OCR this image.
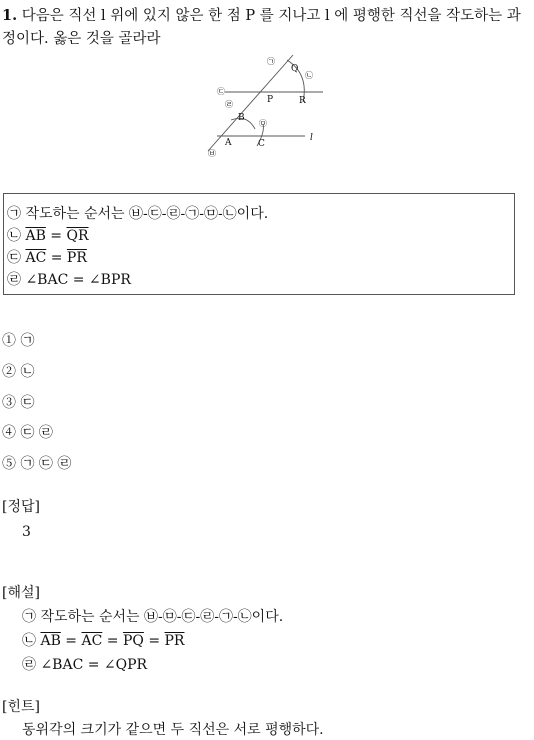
1. 다음은 직선 l 위에 있지 않은 한 점 P 를 지나고 l 에 평행한 직선을 작도하는 과정이다. 옳은 것을 골라라
P
Q
R
A
B
C
l
㉠
㉡
㉢
㉣
㉤
㉥
㉠ 작도하는 순서는 ㉥-㉢-㉣-㉠-㉤-㉡이다.
㉡ $\overline{AB} = \overline{QR}$
㉢ $\overline{AC} = \overline{PR}$
㉣ ∠BAC = ∠BPR
① ㉠
② ㉡
③ ㉢
④ ㉢ ㉣
⑤ ㉠ ㉢ ㉣
[정답]
3
[해설]
㉠ 작도하는 순서는 ㉥-㉤-㉢-㉣-㉠-㉡이다.
㉡ $\overline{AB} = \overline{AC} = \overline{PQ} = \overline{PR}$
㉣ ∠BAC = ∠QPR
[힌트]
동위각의 크기가 같으면 두 직선은 서로 평행하다.
